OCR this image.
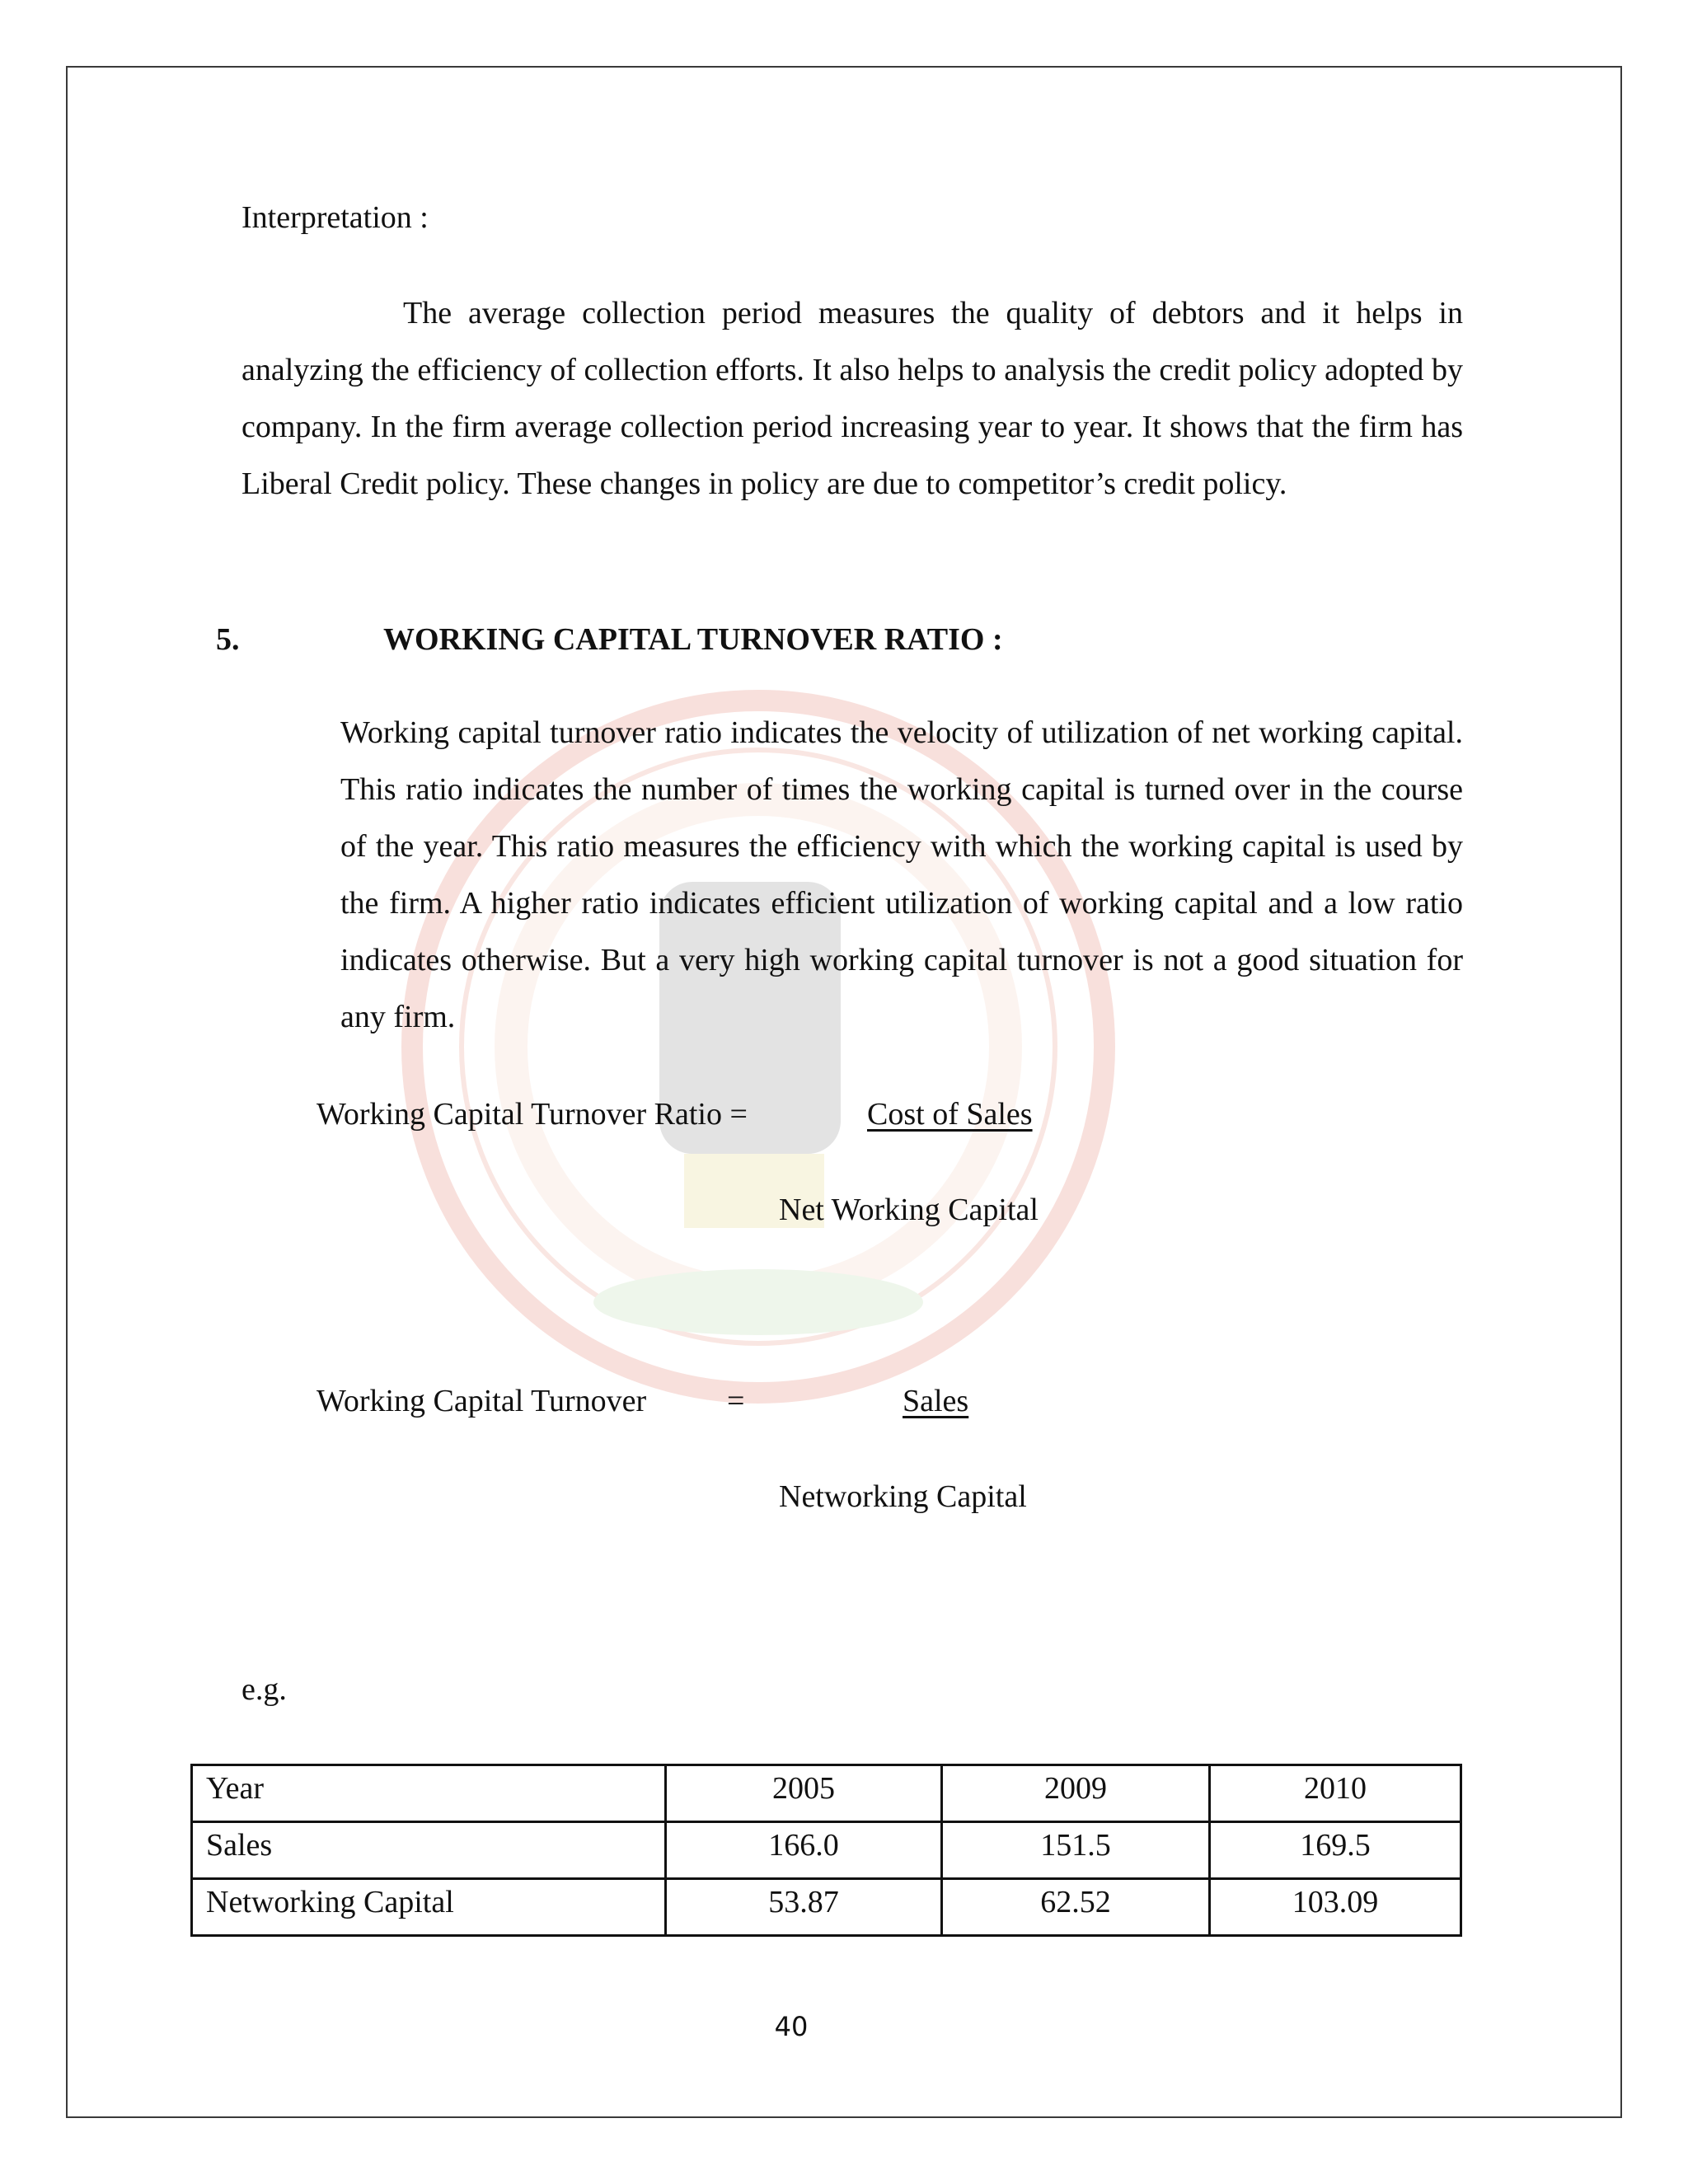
Interpretation :
The average collection period measures the quality of debtors and it helps in analyzing the efficiency of collection efforts. It also helps to analysis the credit policy adopted by company. In the firm average collection period increasing year to year. It shows that the firm has Liberal Credit policy. These changes in policy are due to competitor’s credit policy.
5.	WORKING CAPITAL TURNOVER RATIO :
Working capital turnover ratio indicates the velocity of utilization of net working capital. This ratio indicates the number of times the working capital is turned over in the course of the year. This ratio measures the efficiency with which the working capital is used by the firm. A higher ratio indicates efficient utilization of working capital and a low ratio indicates otherwise. But a very high working capital turnover is not a good situation for any firm.
Working Capital Turnover Ratio =	Cost of Sales
Net Working Capital
Working Capital Turnover	=	Sales
Networking Capital
e.g.
Year	2005	2009	2010
Sales	166.0	151.5	169.5
Networking Capital	53.87	62.52	103.09
40
